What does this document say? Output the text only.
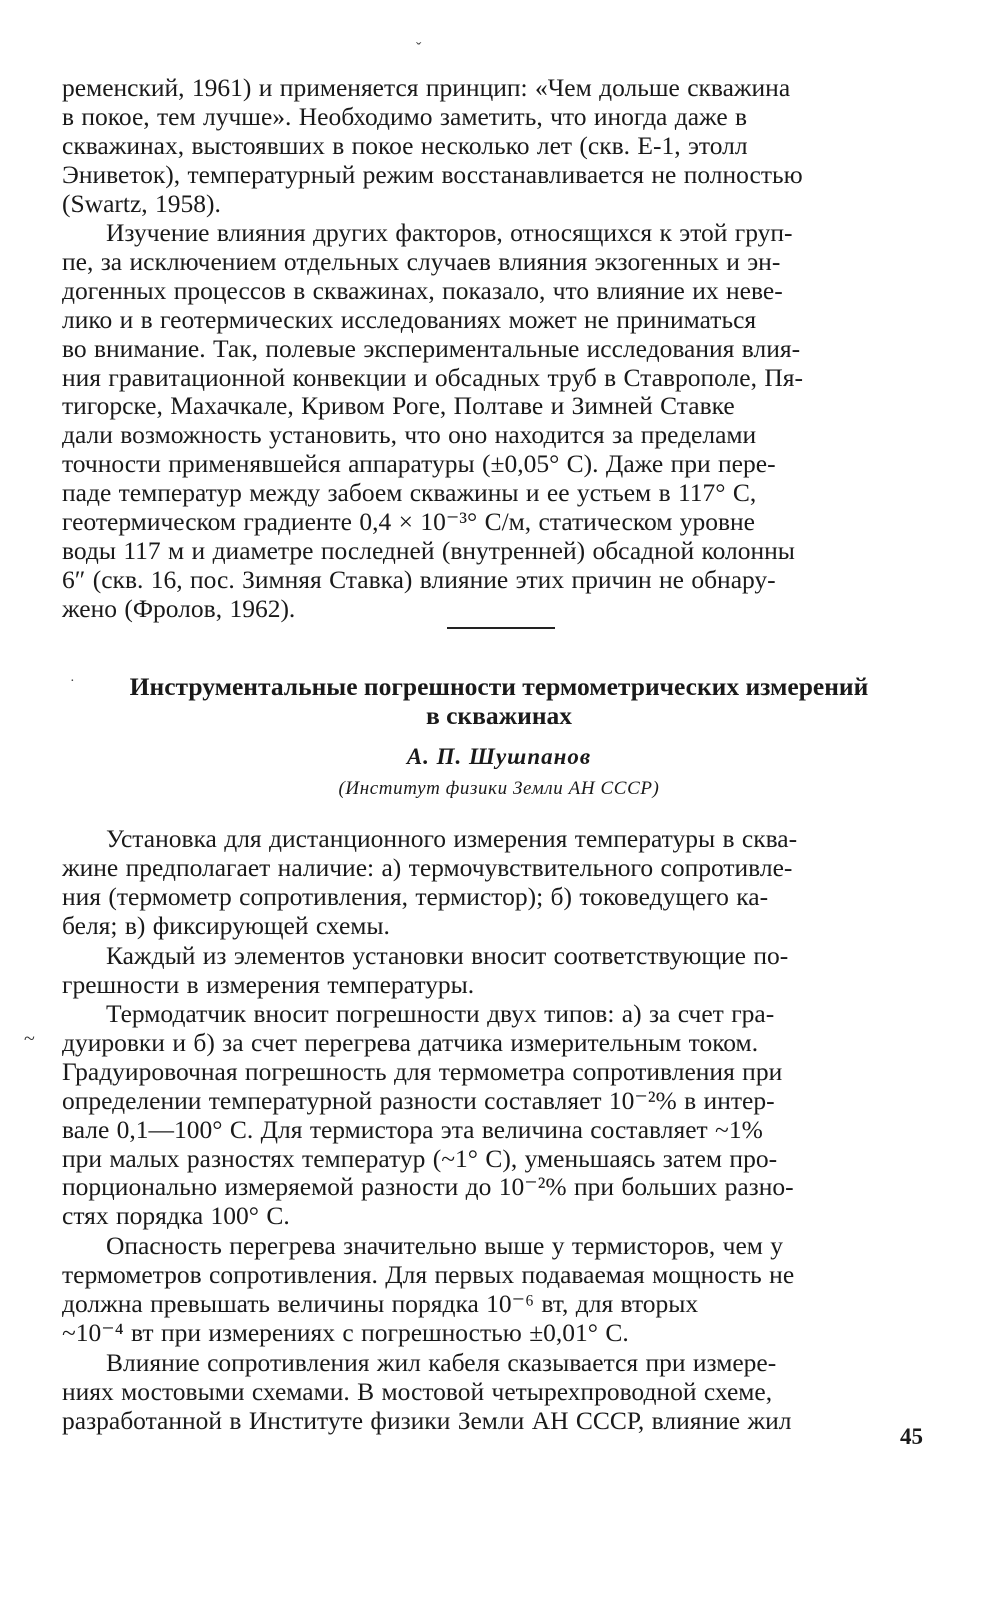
ˇ

ременский, 1961) и применяется принцип: «Чем дольше скважина
в покое, тем лучше». Необходимо заметить, что иногда даже в
скважинах, выстоявших в покое несколько лет (скв. Е-1, этолл
Эниветок), температурный режим восстанавливается не полностью
(Swartz, 1958).

Изучение влияния других факторов, относящихся к этой груп-
пе, за исключением отдельных случаев влияния экзогенных и эн-
догенных процессов в скважинах, показало, что влияние их неве-
лико и в геотермических исследованиях может не приниматься
во внимание. Так, полевые экспериментальные исследования влия-
ния гравитационной конвекции и обсадных труб в Ставрополе, Пя-
тигорске, Махачкале, Кривом Роге, Полтаве и Зимней Ставке
дали возможность установить, что оно находится за пределами
точности применявшейся аппаратуры (±0,05° С). Даже при пере-
паде температур между забоем скважины и ее устьем в 117° С,
геотермическом градиенте 0,4 × 10⁻³° С/м, статическом уровне
воды 117 м и диаметре последней (внутренней) обсадной колонны
6″ (скв. 16, пос. Зимняя Ставка) влияние этих причин не обнару-
жено (Фролов, 1962).

·	Инструментальные погрешности термометрических измерений
в скважинах
А. П. Шушпанов
(Институт физики Земли АН СССР)

Установка для дистанционного измерения температуры в сква-
жине предполагает наличие: а) термочувствительного сопротивле-
ния (термометр сопротивления, термистор); б) токоведущего ка-
беля; в) фиксирующей схемы.

Каждый из элементов установки вносит соответствующие по-
грешности в измерения температуры.

Термодатчик вносит погрешности двух типов: а) за счет гра-
дуировки и б) за счет перегрева датчика измерительным током.
Градуировочная погрешность для термометра сопротивления при
определении температурной разности составляет 10⁻²% в интер-
вале 0,1—100° С. Для термистора эта величина составляет ~1%
при малых разностях температур (~1° С), уменьшаясь затем про-
порционально измеряемой разности до 10⁻²% при больших разно-
стях порядка 100° С.

Опасность перегрева значительно выше у термисторов, чем у
термометров сопротивления. Для первых подаваемая мощность не
должна превышать величины порядка 10⁻⁶ вт, для вторых
~10⁻⁴ вт при измерениях с погрешностью ±0,01° С.

Влияние сопротивления жил кабеля сказывается при измере-
ниях мостовыми схемами. В мостовой четырехпроводной схеме,
разработанной в Институте физики Земли АН СССР, влияние жил

45
~
